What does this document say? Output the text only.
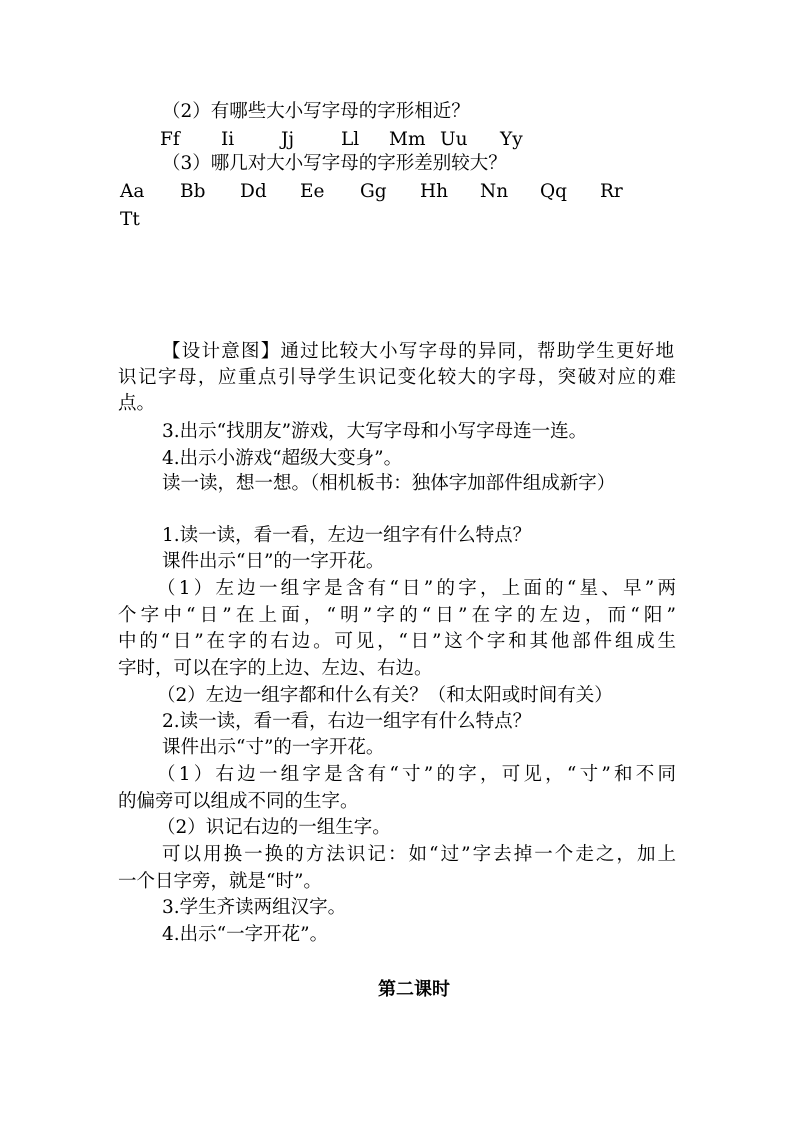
（2）有哪些大小写字母的字形相近？

Ff

Ii

	Jj

	Ll

Mm

Uu

Yy

（3）哪几对大小写字母的字形差别较大？

Aa

Bb

Dd

Ee

Gg

Hh

Nn

Qq

Rr

Tt
【设计意图】通过比较大小写字母的异同，帮助学生更好地
识记字母，应重点引导学生识记变化较大的字母，突破对应的难
点。
3.出示“找朋友”游戏，大写字母和小写字母连一连。
4.出示小游戏“超级大变身”。
读一读，想一想。（相机板书：独体字加部件组成新字）
1.读一读，看一看，左边一组字有什么特点？
课件出示“日”的一字开花。
（1）左边一组字是含有“日”的字，上面的“星、早”两
个字中“日”在上面，“明”字的“日”在字的左边，而“阳”
中的“日”在字的右边。可见，“日”这个字和其他部件组成生
字时，可以在字的上边、左边、右边。
（2）左边一组字都和什么有关？（和太阳或时间有关）
2.读一读，看一看，右边一组字有什么特点？
课件出示“寸”的一字开花。
（1）右边一组字是含有“寸”的字，可见，“寸”和不同
的偏旁可以组成不同的生字。
（2）识记右边的一组生字。
可以用换一换的方法识记：如“过”字去掉一个走之，加上
一个日字旁，就是“时”。
3.学生齐读两组汉字。
4.出示“一字开花”。
第二课时
